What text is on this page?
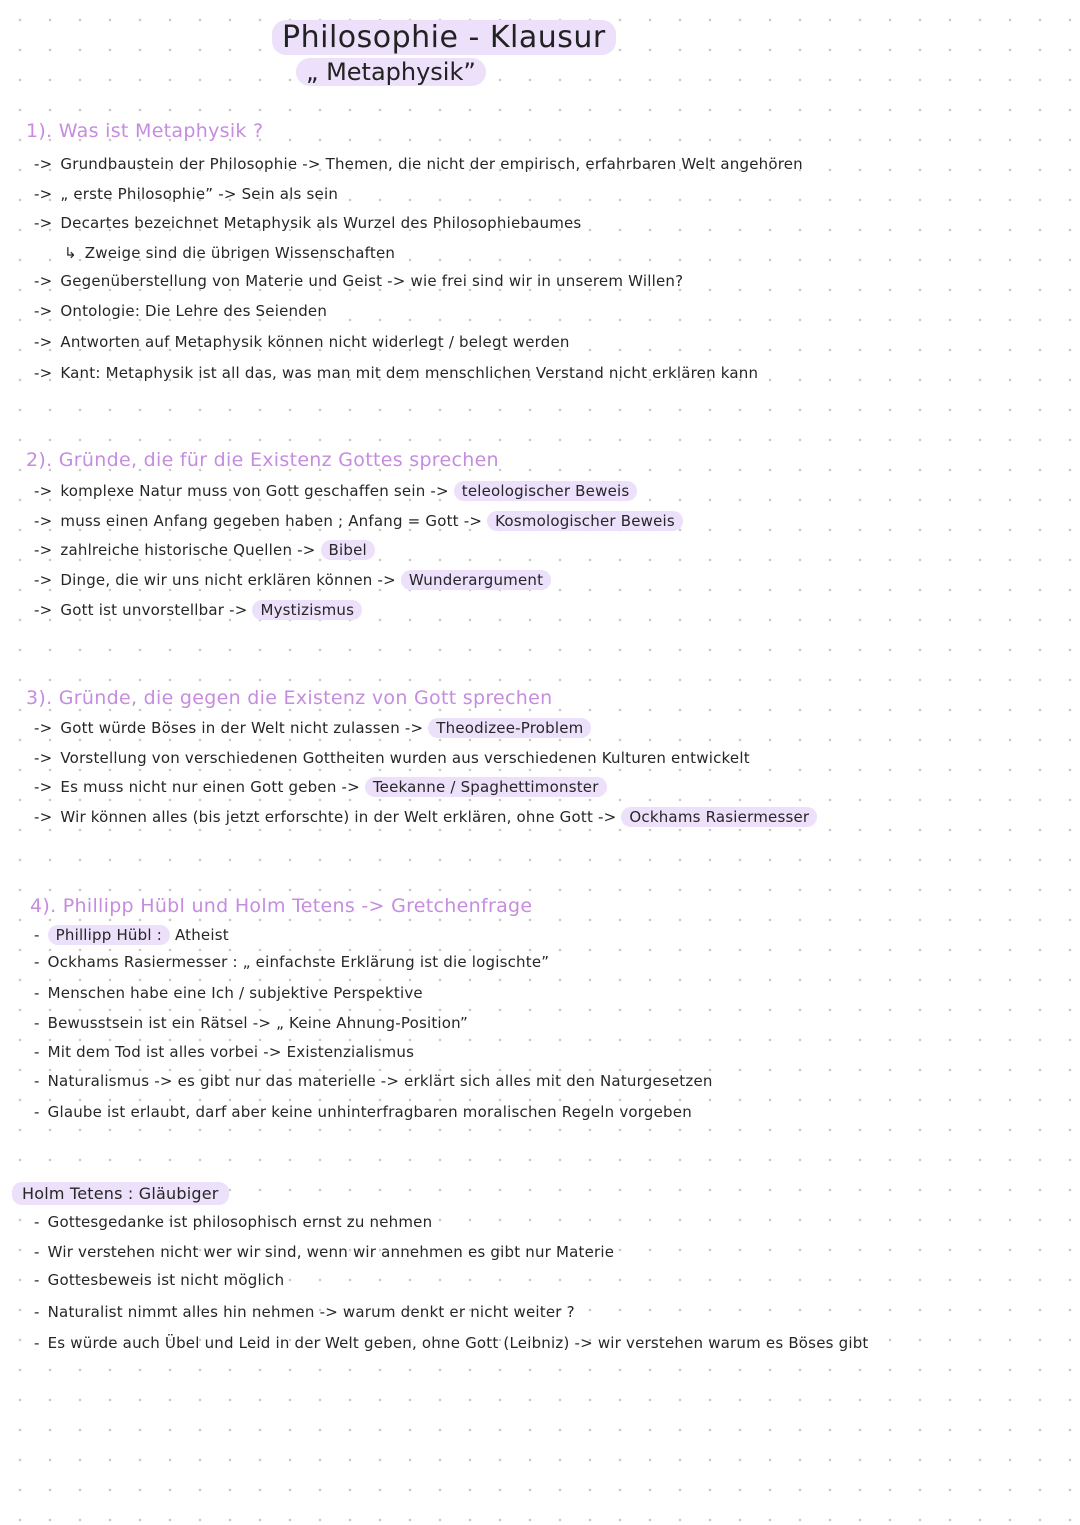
Philosophie - Klausur
„ Metaphysik”
1). Was ist Metaphysik ?
-> Grundbaustein der Philosophie -> Themen, die nicht der empirisch, erfahrbaren Welt angehören
-> „ erste Philosophie” -> Sein als sein
-> Decartes bezeichnet Metaphysik als Wurzel des Philosophiebaumes
↳ Zweige sind die übrigen Wissenschaften
-> Gegenüberstellung von Materie und Geist -> wie frei sind wir in unserem Willen?
-> Ontologie: Die Lehre des Seienden
-> Antworten auf Metaphysik können nicht widerlegt / belegt werden
-> Kant: Metaphysik ist all das, was man mit dem menschlichen Verstand nicht erklären kann
2). Gründe, die für die Existenz Gottes sprechen
-> komplexe Natur muss von Gott geschaffen sein -> teleologischer Beweis
-> muss einen Anfang gegeben haben ; Anfang = Gott -> Kosmologischer Beweis
-> zahlreiche historische Quellen -> Bibel
-> Dinge, die wir uns nicht erklären können -> Wunderargument
-> Gott ist unvorstellbar -> Mystizismus
3). Gründe, die gegen die Existenz von Gott sprechen
-> Gott würde Böses in der Welt nicht zulassen -> Theodizee-Problem
-> Vorstellung von verschiedenen Gottheiten wurden aus verschiedenen Kulturen entwickelt
-> Es muss nicht nur einen Gott geben -> Teekanne / Spaghettimonster
-> Wir können alles (bis jetzt erforschte) in der Welt erklären, ohne Gott -> Ockhams Rasiermesser
4). Phillipp Hübl und Holm Tetens -> Gretchenfrage
- Phillipp Hübl : Atheist
- Ockhams Rasiermesser : „ einfachste Erklärung ist die logischte”
- Menschen habe eine Ich / subjektive Perspektive
- Bewusstsein ist ein Rätsel -> „ Keine Ahnung-Position”
- Mit dem Tod ist alles vorbei -> Existenzialismus
- Naturalismus -> es gibt nur das materielle -> erklärt sich alles mit den Naturgesetzen
- Glaube ist erlaubt, darf aber keine unhinterfragbaren moralischen Regeln vorgeben
Holm Tetens : Gläubiger
- Gottesgedanke ist philosophisch ernst zu nehmen
- Wir verstehen nicht wer wir sind, wenn wir annehmen es gibt nur Materie
- Gottesbeweis ist nicht möglich
- Naturalist nimmt alles hin nehmen -> warum denkt er nicht weiter ?
- Es würde auch Übel und Leid in der Welt geben, ohne Gott (Leibniz) -> wir verstehen warum es Böses gibt
